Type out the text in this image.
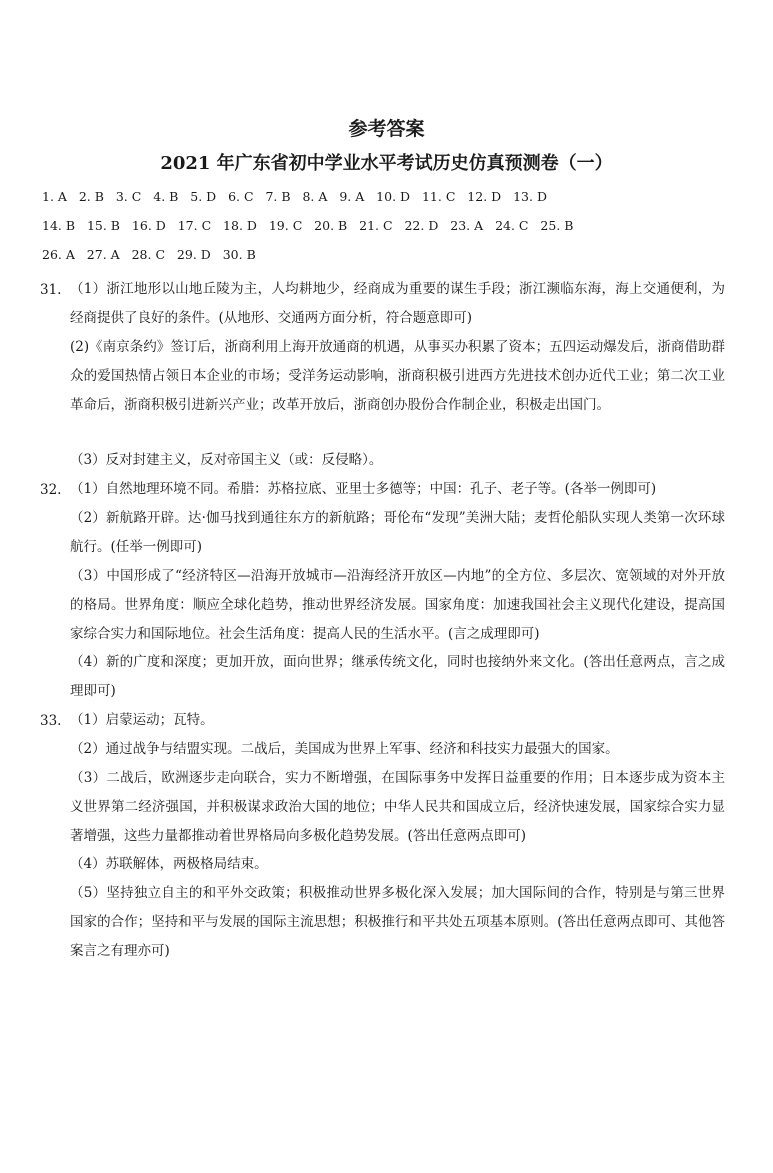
参考答案
2021 年广东省初中学业水平考试历史仿真预测卷（一）
1. A   2. B   3. C   4. B   5. D   6. C   7. B   8. A   9. A   10. D   11. C   12. D   13. D
14. B   15. B   16. D   17. C   18. D   19. C   20. B   21. C   22. D   23. A   24. C   25. B
26. A   27. A   28. C   29. D   30. B
31. （1）浙江地形以山地丘陵为主，人均耕地少，经商成为重要的谋生手段；浙江濒临东海，海上交通便利，为经商提供了良好的条件。(从地形、交通两方面分析，符合题意即可)
(2)《南京条约》签订后，浙商利用上海开放通商的机遇，从事买办积累了资本；五四运动爆发后，浙商借助群众的爱国热情占领日本企业的市场；受洋务运动影响，浙商积极引进西方先进技术创办近代工业；第二次工业革命后，浙商积极引进新兴产业；改革开放后，浙商创办股份合作制企业，积极走出国门。
（3）反对封建主义，反对帝国主义（或：反侵略）。
32. （1）自然地理环境不同。希腊：苏格拉底、亚里士多德等；中国：孔子、老子等。(各举一例即可)
（2）新航路开辟。达·伽马找到通往东方的新航路；哥伦布“发现”美洲大陆；麦哲伦船队实现人类第一次环球航行。(任举一例即可)
（3）中国形成了“经济特区—沿海开放城市—沿海经济开放区—内地”的全方位、多层次、宽领域的对外开放的格局。世界角度：顺应全球化趋势，推动世界经济发展。国家角度：加速我国社会主义现代化建设，提高国家综合实力和国际地位。社会生活角度：提高人民的生活水平。(言之成理即可)
（4）新的广度和深度；更加开放，面向世界；继承传统文化，同时也接纳外来文化。(答出任意两点，言之成理即可)
33. （1）启蒙运动；瓦特。
（2）通过战争与结盟实现。二战后，美国成为世界上军事、经济和科技实力最强大的国家。
（3）二战后，欧洲逐步走向联合，实力不断增强，在国际事务中发挥日益重要的作用；日本逐步成为资本主义世界第二经济强国，并积极谋求政治大国的地位；中华人民共和国成立后，经济快速发展，国家综合实力显著增强，这些力量都推动着世界格局向多极化趋势发展。(答出任意两点即可)
（4）苏联解体，两极格局结束。
（5）坚持独立自主的和平外交政策；积极推动世界多极化深入发展；加大国际间的合作，特别是与第三世界国家的合作；坚持和平与发展的国际主流思想；积极推行和平共处五项基本原则。(答出任意两点即可、其他答案言之有理亦可)
